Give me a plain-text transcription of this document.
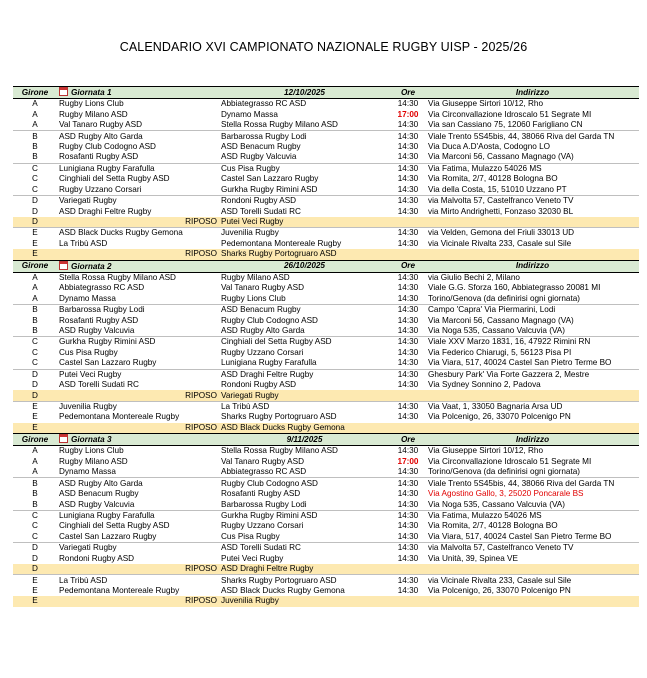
CALENDARIO XVI CAMPIONATO NAZIONALE RUGBY UISP - 2025/26
Girone	Giornata 1	12/10/2025	Ore	Indirizzo
A	Rugby Lions Club	Abbiategrasso RC ASD	14:30	Via Giuseppe Sirtori 10/12, Rho
A	Rugby Milano ASD	Dynamo Massa	17:00	Via Circonvallazione Idroscalo 51 Segrate MI
A	Val Tanaro Rugby ASD	Stella Rossa Rugby Milano ASD	14:30	Via san Cassiano 75, 12060 Farigliano CN
B	ASD Rugby Alto Garda	Barbarossa Rugby Lodi	14:30	Viale Trento 5S45bis, 44, 38066 Riva del Garda TN
B	Rugby Club Codogno ASD	ASD Benacum Rugby	14:30	Via Duca A.D'Aosta, Codogno LO
B	Rosafanti Rugby ASD	ASD Rugby Valcuvia	14:30	Via Marconi 56, Cassano Magnago (VA)
C	Lunigiana Rugby Farafulla	Cus Pisa Rugby	14:30	Via Fatima, Mulazzo 54026 MS
C	Cinghiali del Setta Rugby ASD	Castel San Lazzaro Rugby	14:30	Via Romita, 2/7, 40128 Bologna BO
C	Rugby Uzzano Corsari	Gurkha Rugby Rimini ASD	14:30	Via della Costa, 15, 51010 Uzzano PT
D	Variegati Rugby	Rondoni Rugby ASD	14:30	via Malvolta 57, Castelfranco Veneto TV
D	ASD Draghi Feltre Rugby	ASD Torelli Sudati RC	14:30	via Mirto Andrighetti, Fonzaso 32030 BL
D	RIPOSO	Putei Veci Rugby		
E	ASD Black Ducks Rugby Gemona	Juvenilia Rugby	14:30	via Velden, Gemona del Friuli 33013 UD
E	La Tribù ASD	Pedemontana Montereale Rugby	14:30	via Vicinale Rivalta 233, Casale sul Sile
E	RIPOSO	Sharks Rugby Portogruaro ASD		
Girone	Giornata 2	26/10/2025	Ore	Indirizzo
A	Stella Rossa Rugby Milano ASD	Rugby Milano ASD	14:30	via Giulio Bechi 2, Milano
A	Abbiategrasso RC ASD	Val Tanaro Rugby ASD	14:30	Viale G.G. Sforza 160, Abbiategrasso 20081 MI
A	Dynamo Massa	Rugby Lions Club	14:30	Torino/Genova (da definirisi ogni giornata)
B	Barbarossa Rugby Lodi	ASD Benacum Rugby	14:30	Campo 'Capra' Via Piermarini, Lodi
B	Rosafanti Rugby ASD	Rugby Club Codogno ASD	14:30	Via Marconi 56, Cassano Magnago (VA)
B	ASD Rugby Valcuvia	ASD Rugby Alto Garda	14:30	Via Noga 535, Cassano Valcuvia (VA)
C	Gurkha Rugby Rimini ASD	Cinghiali del Setta Rugby ASD	14:30	Viale XXV Marzo 1831, 16, 47922 Rimini RN
C	Cus Pisa Rugby	Rugby Uzzano Corsari	14:30	Via Federico Chiarugi, 5, 56123 Pisa PI
C	Castel San Lazzaro Rugby	Lunigiana Rugby Farafulla	14:30	Via Viara, 517, 40024 Castel San Pietro Terme BO
D	Putei Veci Rugby	ASD Draghi Feltre Rugby	14:30	Ghesbury Park' Via Forte Gazzera 2, Mestre
D	ASD Torelli Sudati RC	Rondoni Rugby ASD	14:30	Via Sydney Sonnino 2, Padova
D	RIPOSO	Variegati Rugby		
E	Juvenilia Rugby	La Tribù ASD	14:30	Via Vaat, 1, 33050 Bagnaria Arsa UD
E	Pedemontana Montereale Rugby	Sharks Rugby Portogruaro ASD	14:30	Via Polcenigo, 26, 33070 Polcenigo PN
E	RIPOSO	ASD Black Ducks Rugby Gemona		
Girone	Giornata 3	9/11/2025	Ore	Indirizzo
A	Rugby Lions Club	Stella Rossa Rugby Milano ASD	14:30	Via Giuseppe Sirtori 10/12, Rho
A	Rugby Milano ASD	Val Tanaro Rugby ASD	17:00	Via Circonvallazione Idroscalo 51 Segrate MI
A	Dynamo Massa	Abbiategrasso RC ASD	14:30	Torino/Genova (da definirisi ogni giornata)
B	ASD Rugby Alto Garda	Rugby Club Codogno ASD	14:30	Viale Trento 5S45bis, 44, 38066 Riva del Garda TN
B	ASD Benacum Rugby	Rosafanti Rugby ASD	14:30	Via Agostino Gallo, 3, 25020 Poncarale BS
B	ASD Rugby Valcuvia	Barbarossa Rugby Lodi	14:30	Via Noga 535, Cassano Valcuvia (VA)
C	Lunigiana Rugby Farafulla	Gurkha Rugby Rimini ASD	14:30	Via Fatima, Mulazzo 54026 MS
C	Cinghiali del Setta Rugby ASD	Rugby Uzzano Corsari	14:30	Via Romita, 2/7, 40128 Bologna BO
C	Castel San Lazzaro Rugby	Cus Pisa Rugby	14:30	Via Viara, 517, 40024 Castel San Pietro Terme BO
D	Variegati Rugby	ASD Torelli Sudati RC	14:30	via Malvolta 57, Castelfranco Veneto TV
D	Rondoni Rugby ASD	Putei Veci Rugby	14:30	Via Unità, 39, Spinea VE
D	RIPOSO	ASD Draghi Feltre Rugby		
E	La Tribù ASD	Sharks Rugby Portogruaro ASD	14:30	via Vicinale Rivalta 233, Casale sul Sile
E	Pedemontana Montereale Rugby	ASD Black Ducks Rugby Gemona	14:30	Via Polcenigo, 26, 33070 Polcenigo PN
E	RIPOSO	Juvenilia Rugby		
